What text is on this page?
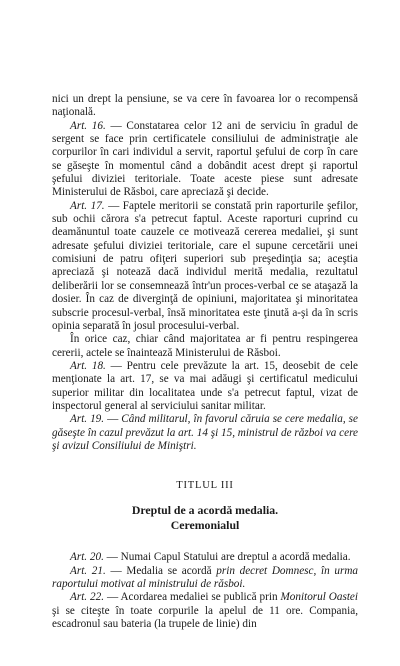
nici un drept la pensiune, se va cere în favoarea lor o recompensă naţională.

Art. 16. — Constatarea celor 12 ani de serviciu în gradul de sergent se face prin certificatele consiliului de administraţie ale corpurilor în cari individul a servit, raportul şefului de corp în care se găseşte în momentul când a dobândit acest drept şi raportul şefului diviziei teritoriale. Toate aceste piese sunt adresate Ministerului de Răsboi, care apreciază şi decide.

Art. 17. — Faptele meritorii se constată prin raporturile şefilor, sub ochii cărora s'a petrecut faptul. Aceste raporturi cuprind cu deamănuntul toate cauzele ce motivează cererea medaliei, şi sunt adresate şefului diviziei teritoriale, care el supune cercetării unei comisiuni de patru ofiţeri superiori sub preşedinţia sa; aceştia apreciază şi notează dacă individul merită medalia, rezultatul deliberării lor se consemnează într'un proces-verbal ce se ataşază la dosier. În caz de diverginţă de opiniuni, majoritatea şi minoritatea subscrie procesul-verbal, însă minoritatea este ţinută a-şi da în scris opinia separată în josul procesului-verbal.

În orice caz, chiar când majoritatea ar fi pentru respingerea cererii, actele se înaintează Ministerului de Răsboi.

Art. 18. — Pentru cele prevăzute la art. 15, deosebit de cele menţionate la art. 17, se va mai adăugi şi certificatul medicului superior militar din localitatea unde s'a petrecut faptul, vizat de inspectorul general al serviciului sanitar militar.

Art. 19. — Când militarul, în favorul căruia se cere medalia, se găseşte în cazul prevăzut la art. 14 şi 15, ministrul de război va cere şi avizul Consiliului de Miniştri.

TITLUL III

Dreptul de a acordă medalia.

Ceremonialul

Art. 20. — Numai Capul Statului are dreptul a acordă medalia.

Art. 21. — Medalia se acordă prin decret Domnesc, în urma raportului motivat al ministrului de răsboi.

Art. 22. — Acordarea medaliei se publică prin Monitorul Oastei şi se citeşte în toate corpurile la apelul de 11 ore. Compania, escadronul sau bateria (la trupele de linie) din
